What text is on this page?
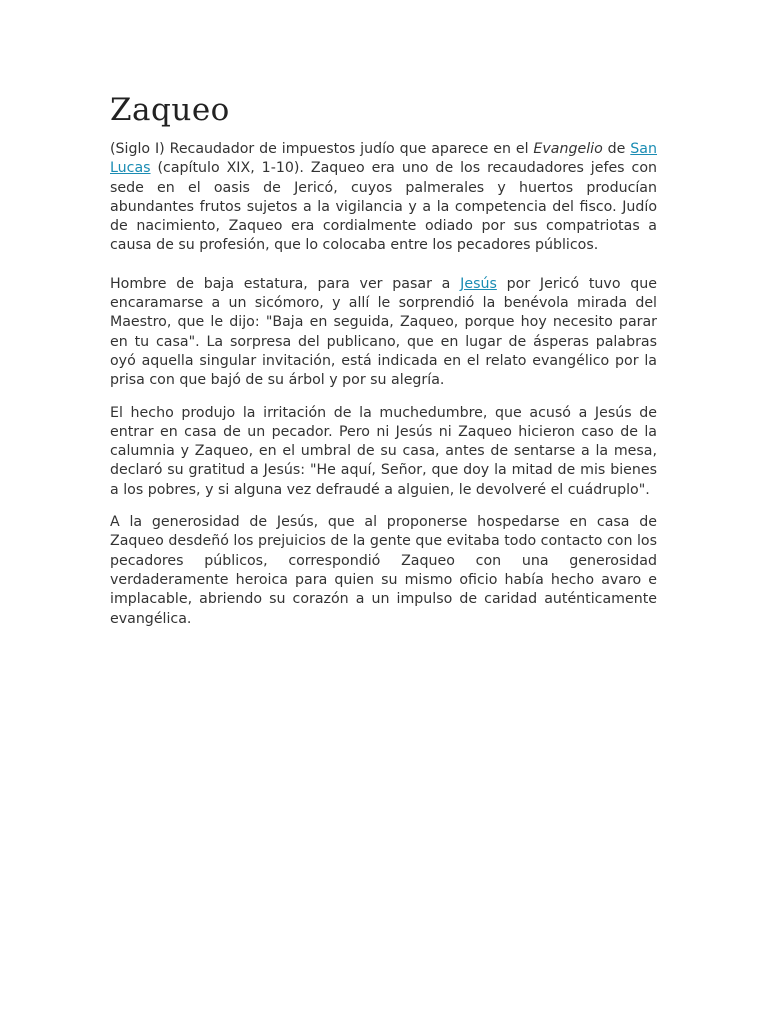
Zaqueo

(Siglo I) Recaudador de impuestos judío que aparece en el Evangelio de San Lucas (capítulo XIX, 1-10). Zaqueo era uno de los recaudadores jefes con sede en el oasis de Jericó, cuyos palmerales y huertos producían abundantes frutos sujetos a la vigilancia y a la competencia del fisco. Judío de nacimiento, Zaqueo era cordialmente odiado por sus compatriotas a causa de su profesión, que lo colocaba entre los pecadores públicos.

Hombre de baja estatura, para ver pasar a Jesús por Jericó tuvo que encaramarse a un sicómoro, y allí le sorprendió la benévola mirada del Maestro, que le dijo: "Baja en seguida, Zaqueo, porque hoy necesito parar en tu casa". La sorpresa del publicano, que en lugar de ásperas palabras oyó aquella singular invitación, está indicada en el relato evangélico por la prisa con que bajó de su árbol y por su alegría.

El hecho produjo la irritación de la muchedumbre, que acusó a Jesús de entrar en casa de un pecador. Pero ni Jesús ni Zaqueo hicieron caso de la calumnia y Zaqueo, en el umbral de su casa, antes de sentarse a la mesa, declaró su gratitud a Jesús: "He aquí, Señor, que doy la mitad de mis bienes a los pobres, y si alguna vez defraudé a alguien, le devolveré el cuádruplo".

A la generosidad de Jesús, que al proponerse hospedarse en casa de Zaqueo desdeñó los prejuicios de la gente que evitaba todo contacto con los pecadores públicos, correspondió Zaqueo con una generosidad verdaderamente heroica para quien su mismo oficio había hecho avaro e implacable, abriendo su corazón a un impulso de caridad auténticamente evangélica.
